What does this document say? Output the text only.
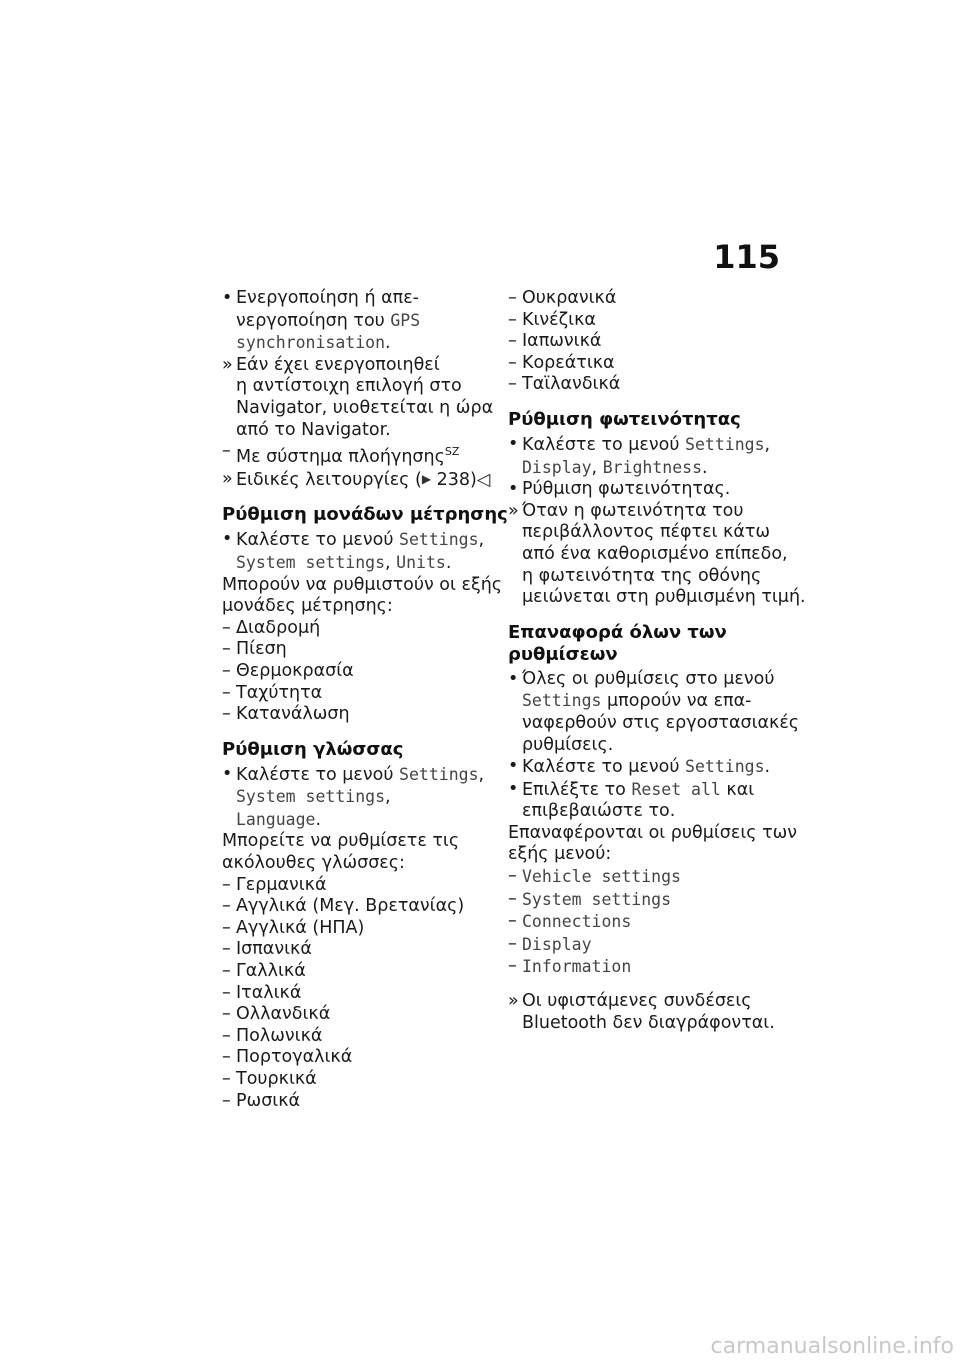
115
• Ενεργοποίηση ή απε-
νεργοποίηση του GPS
synchronisation.
» Εάν έχει ενεργοποιηθεί
η αντίστοιχη επιλογή στο
Navigator, υιοθετείται η ώρα
από το Navigator.
– Με σύστημα πλοήγησης$^{SZ}$
» Ειδικές λειτουργίες (▶ 238)◁
Ρύθμιση μονάδων μέτρησης
• Καλέστε το μενού Settings,
System settings, Units.
Μπορούν να ρυθμιστούν οι εξής
μονάδες μέτρησης:
– Διαδρομή
– Πίεση
– Θερμοκρασία
– Ταχύτητα
– Κατανάλωση
Ρύθμιση γλώσσας
• Καλέστε το μενού Settings,
System settings,
Language.
Μπορείτε να ρυθμίσετε τις
ακόλουθες γλώσσες:
– Γερμανικά
– Αγγλικά (Μεγ. Βρετανίας)
– Αγγλικά (ΗΠΑ)
– Ισπανικά
– Γαλλικά
– Ιταλικά
– Ολλανδικά
– Πολωνικά
– Πορτογαλικά
– Τουρκικά
– Ρωσικά
– Ουκρανικά
– Κινέζικα
– Ιαπωνικά
– Κορεάτικα
– Ταϊλανδικά
Ρύθμιση φωτεινότητας
• Καλέστε το μενού Settings,
Display, Brightness.
• Ρύθμιση φωτεινότητας.
» Όταν η φωτεινότητα του
περιβάλλοντος πέφτει κάτω
από ένα καθορισμένο επίπεδο,
η φωτεινότητα της οθόνης
μειώνεται στη ρυθμισμένη τιμή.
Επαναφορά όλων των
ρυθμίσεων
• Όλες οι ρυθμίσεις στο μενού
Settings μπορούν να επα-
ναφερθούν στις εργοστασιακές
ρυθμίσεις.
• Καλέστε το μενού Settings.
• Επιλέξτε το Reset all και
επιβεβαιώστε το.
Επαναφέρονται οι ρυθμίσεις των
εξής μενού:
– Vehicle settings
– System settings
– Connections
– Display
– Information
» Οι υφιστάμενες συνδέσεις
Bluetooth δεν διαγράφονται.
carmanualsonline.info
